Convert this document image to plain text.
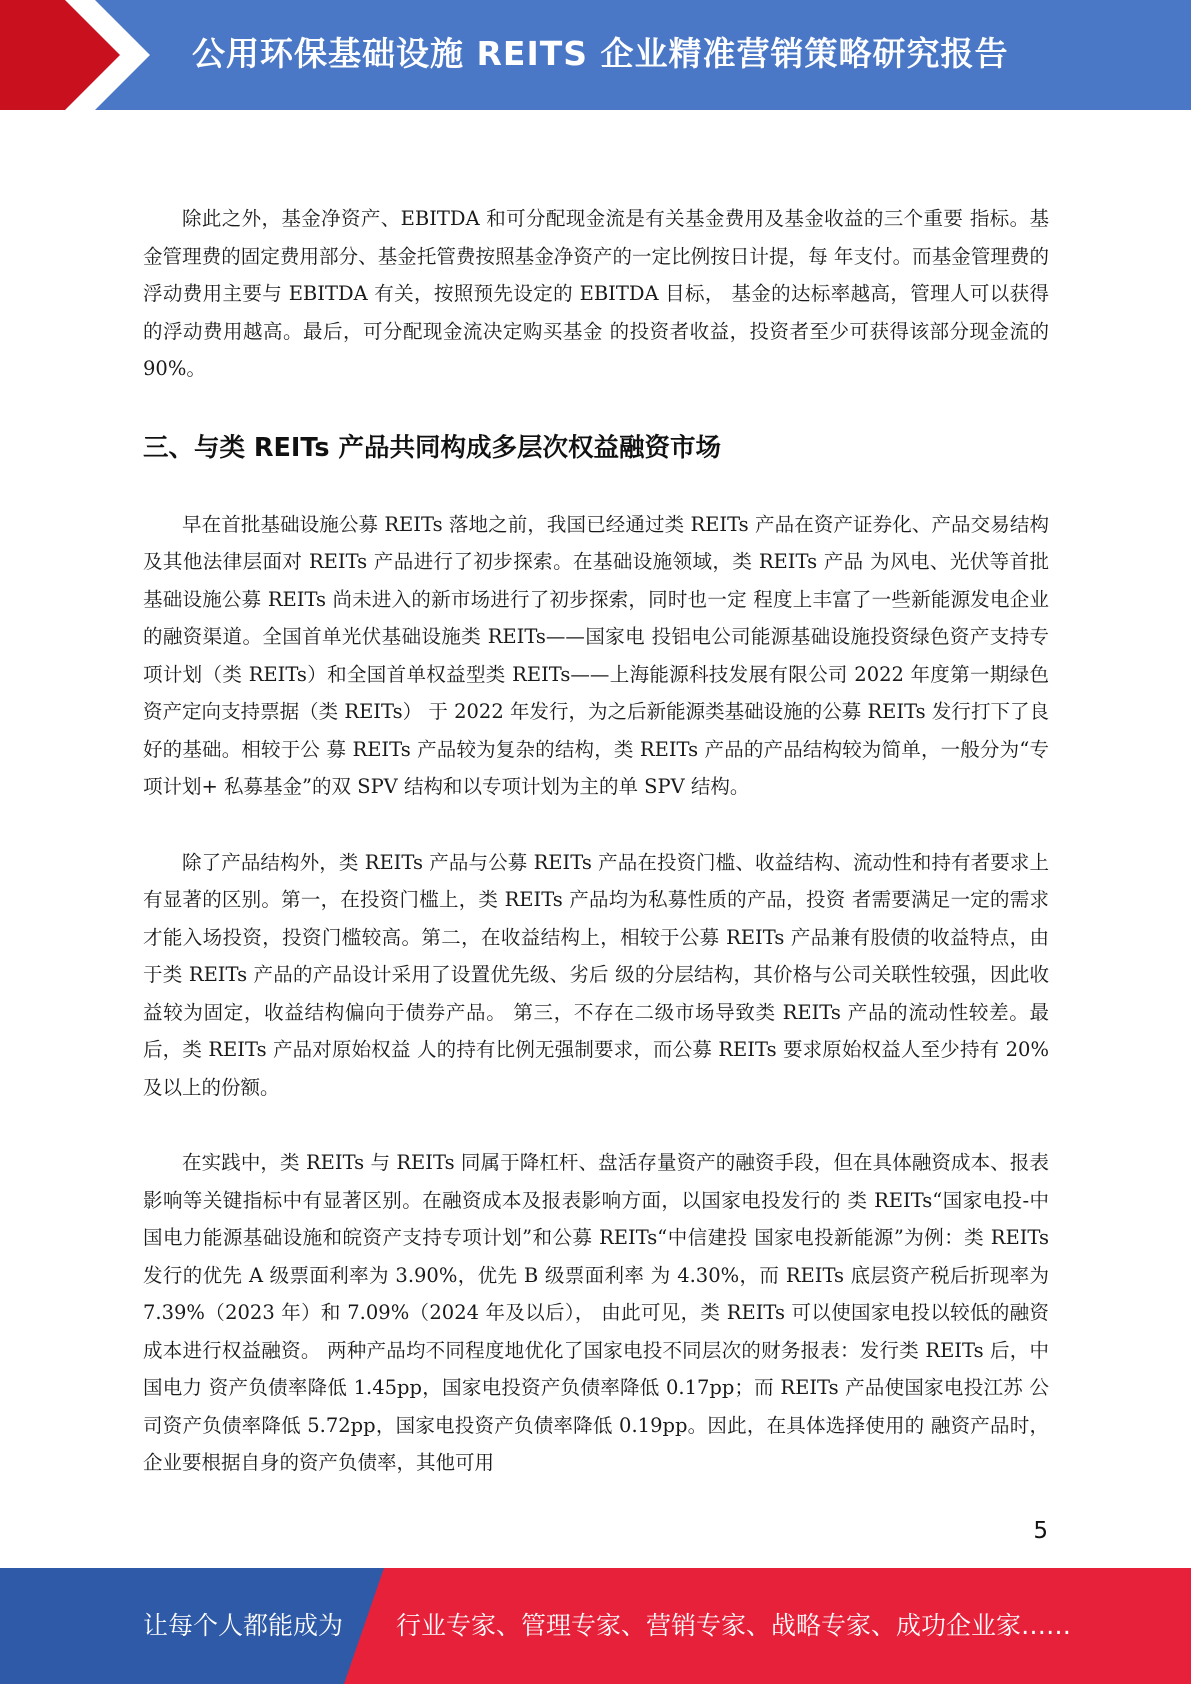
公用环保基础设施 REITS 企业精准营销策略研究报告

除此之外，基金净资产、EBITDA 和可分配现金流是有关基金费用及基金收益的三个重要 指标。基金管理费的固定费用部分、基金托管费按照基金净资产的一定比例按日计提，每 年支付。而基金管理费的浮动费用主要与 EBITDA 有关，按照预先设定的 EBITDA 目标， 基金的达标率越高，管理人可以获得的浮动费用越高。最后，可分配现金流决定购买基金 的投资者收益，投资者至少可获得该部分现金流的 90%。

三、与类 REITs 产品共同构成多层次权益融资市场

早在首批基础设施公募 REITs 落地之前，我国已经通过类 REITs 产品在资产证券化、产品交易结构及其他法律层面对 REITs 产品进行了初步探索。在基础设施领域，类 REITs 产品 为风电、光伏等首批基础设施公募 REITs 尚未进入的新市场进行了初步探索，同时也一定 程度上丰富了一些新能源发电企业的融资渠道。全国首单光伏基础设施类 REITs——国家电 投铝电公司能源基础设施投资绿色资产支持专项计划（类 REITs）和全国首单权益型类 REITs——上海能源科技发展有限公司 2022 年度第一期绿色资产定向支持票据（类 REITs） 于 2022 年发行，为之后新能源类基础设施的公募 REITs 发行打下了良好的基础。相较于公 募 REITs 产品较为复杂的结构，类 REITs 产品的产品结构较为简单，一般分为“专项计划+ 私募基金”的双 SPV 结构和以专项计划为主的单 SPV 结构。

除了产品结构外，类 REITs 产品与公募 REITs 产品在投资门槛、收益结构、流动性和持有者要求上有显著的区别。第一，在投资门槛上，类 REITs 产品均为私募性质的产品，投资 者需要满足一定的需求才能入场投资，投资门槛较高。第二，在收益结构上，相较于公募 REITs 产品兼有股债的收益特点，由于类 REITs 产品的产品设计采用了设置优先级、劣后 级的分层结构，其价格与公司关联性较强，因此收益较为固定，收益结构偏向于债券产品。 第三，不存在二级市场导致类 REITs 产品的流动性较差。最后，类 REITs 产品对原始权益 人的持有比例无强制要求，而公募 REITs 要求原始权益人至少持有 20%及以上的份额。

在实践中，类 REITs 与 REITs 同属于降杠杆、盘活存量资产的融资手段，但在具体融资成本、报表影响等关键指标中有显著区别。在融资成本及报表影响方面，以国家电投发行的 类 REITs“国家电投-中国电力能源基础设施和皖资产支持专项计划”和公募 REITs“中信建投 国家电投新能源”为例：类 REITs 发行的优先 A 级票面利率为 3.90%，优先 B 级票面利率 为 4.30%，而 REITs 底层资产税后折现率为 7.39%（2023 年）和 7.09%（2024 年及以后）， 由此可见，类 REITs 可以使国家电投以较低的融资成本进行权益融资。 两种产品均不同程度地优化了国家电投不同层次的财务报表：发行类 REITs 后，中国电力 资产负债率降低 1.45pp，国家电投资产负债率降低 0.17pp；而 REITs 产品使国家电投江苏 公司资产负债率降低 5.72pp，国家电投资产负债率降低 0.19pp。因此，在具体选择使用的 融资产品时，企业要根据自身的资产负债率，其他可用

5
让每个人都能成为 行业专家、管理专家、营销专家、战略专家、成功企业家……
